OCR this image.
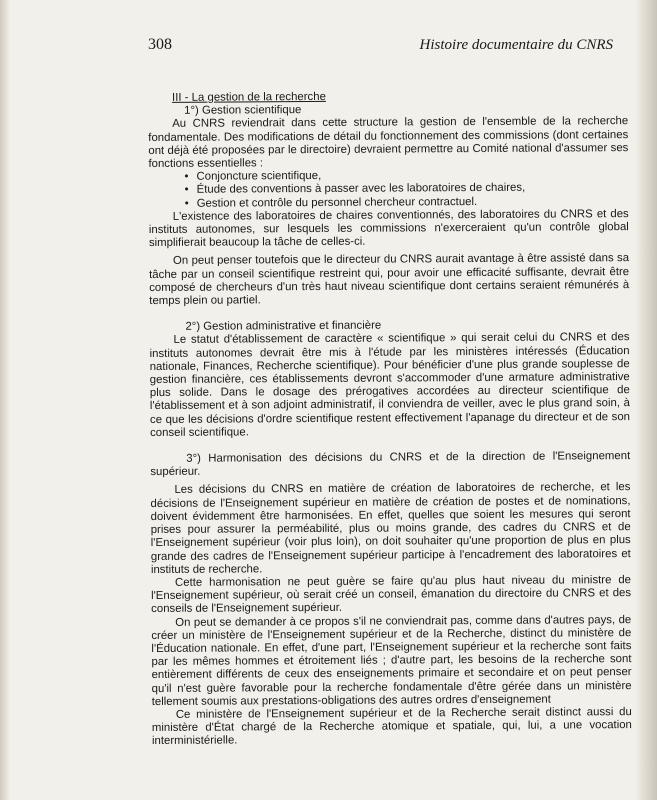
308	Histoire documentaire du CNRS
III - La gestion de la recherche
1°) Gestion scientifique

Au CNRS reviendrait dans cette structure la gestion de l'ensemble de la recherche fondamentale. Des modifications de détail du fonctionnement des commissions (dont certaines ont déjà été proposées par le directoire) devraient permettre au Comité national d'assumer ses fonctions essentielles :

• Conjoncture scientifique,
• Étude des conventions à passer avec les laboratoires de chaires,
• Gestion et contrôle du personnel chercheur contractuel.

L'existence des laboratoires de chaires conventionnés, des laboratoires du CNRS et des instituts autonomes, sur lesquels les commissions n'exerceraient qu'un contrôle global simplifierait beaucoup la tâche de celles-ci.

On peut penser toutefois que le directeur du CNRS aurait avantage à être assisté dans sa tâche par un conseil scientifique restreint qui, pour avoir une efficacité suffisante, devrait être composé de chercheurs d'un très haut niveau scientifique dont certains seraient rémunérés à temps plein ou partiel.

2°) Gestion administrative et financière

Le statut d'établissement de caractère « scientifique » qui serait celui du CNRS et des instituts autonomes devrait être mis à l'étude par les ministères intéressés (Éducation nationale, Finances, Recherche scientifique). Pour bénéficier d'une plus grande souplesse de gestion financière, ces établissements devront s'accommoder d'une armature administrative plus solide. Dans le dosage des prérogatives accordées au directeur scientifique de l'établissement et à son adjoint administratif, il conviendra de veiller, avec le plus grand soin, à ce que les décisions d'ordre scientifique restent effectivement l'apanage du directeur et de son conseil scientifique.

3°) Harmonisation des décisions du CNRS et de la direction de l'Enseignement supérieur.

Les décisions du CNRS en matière de création de laboratoires de recherche, et les décisions de l'Enseignement supérieur en matière de création de postes et de nominations, doivent évidemment être harmonisées. En effet, quelles que soient les mesures qui seront prises pour assurer la perméabilité, plus ou moins grande, des cadres du CNRS et de l'Enseignement supérieur (voir plus loin), on doit souhaiter qu'une proportion de plus en plus grande des cadres de l'Enseignement supérieur participe à l'encadrement des laboratoires et instituts de recherche.

Cette harmonisation ne peut guère se faire qu'au plus haut niveau du ministre de l'Enseignement supérieur, où serait créé un conseil, émanation du directoire du CNRS et des conseils de l'Enseignement supérieur.

On peut se demander à ce propos s'il ne conviendrait pas, comme dans d'autres pays, de créer un ministère de l'Enseignement supérieur et de la Recherche, distinct du ministère de l'Éducation nationale. En effet, d'une part, l'Enseignement supérieur et la recherche sont faits par les mêmes hommes et étroitement liés ; d'autre part, les besoins de la recherche sont entièrement différents de ceux des enseignements primaire et secondaire et on peut penser qu'il n'est guère favorable pour la recherche fondamentale d'être gérée dans un ministère tellement soumis aux prestations-obligations des autres ordres d'enseignement

Ce ministère de l'Enseignement supérieur et de la Recherche serait distinct aussi du ministère d'État chargé de la Recherche atomique et spatiale, qui, lui, a une vocation interministérielle.
